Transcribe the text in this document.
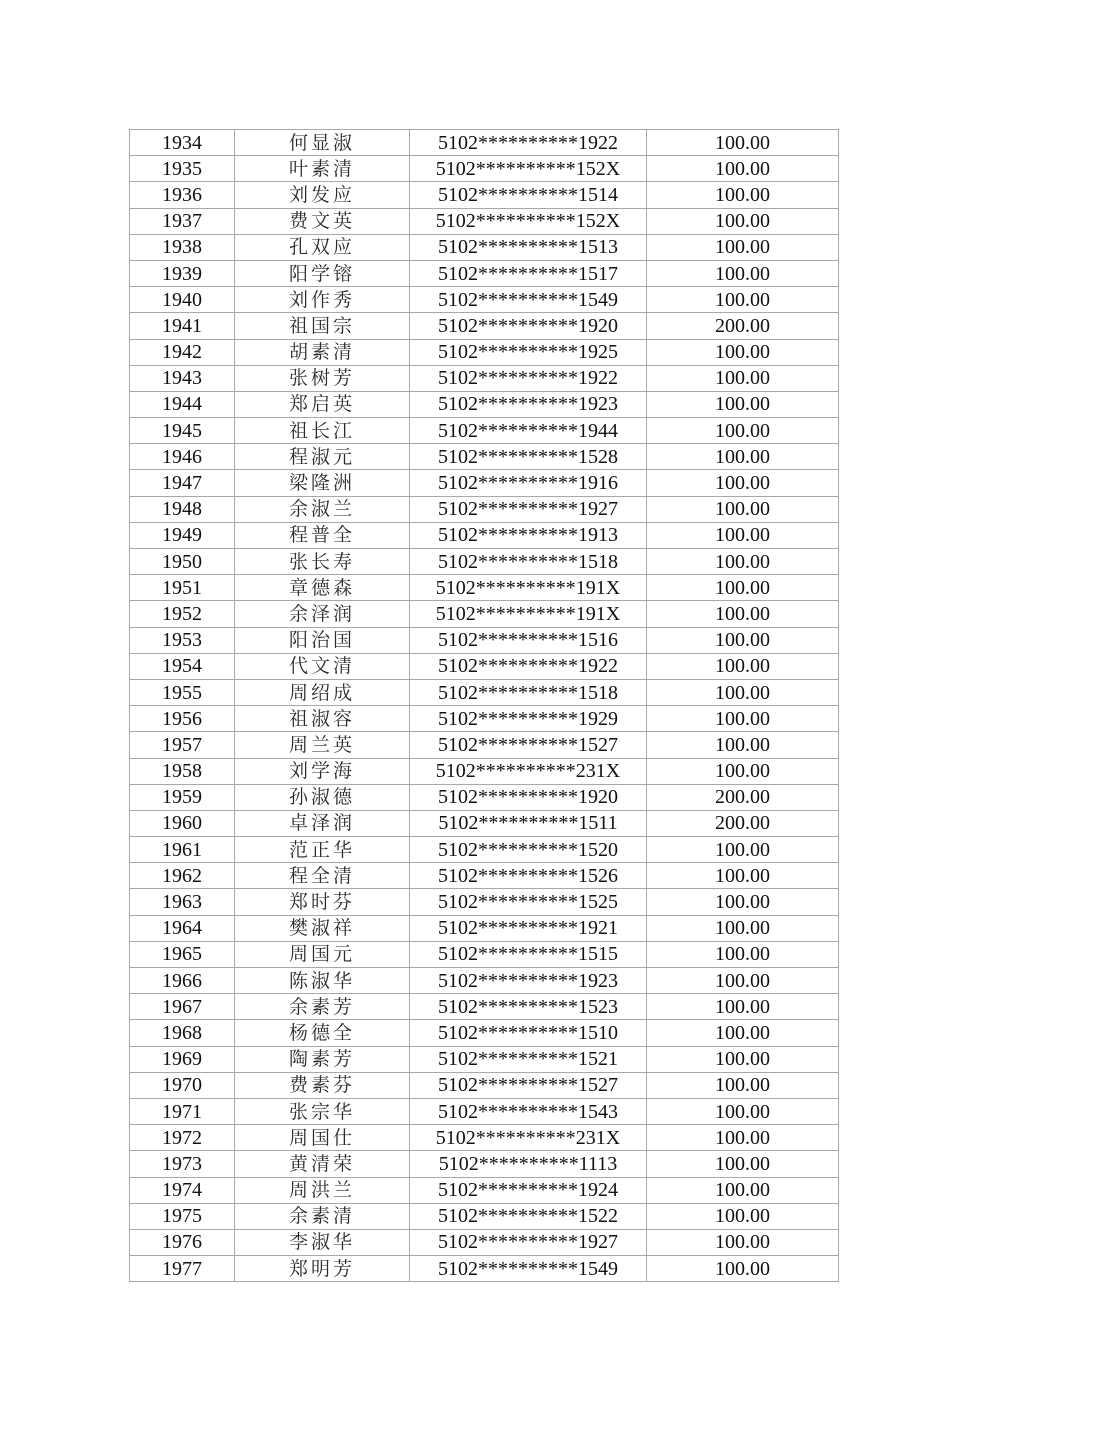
1934	何显淑	5102**********1922	100.00
1935	叶素清	5102**********152X	100.00
1936	刘发应	5102**********1514	100.00
1937	费文英	5102**********152X	100.00
1938	孔双应	5102**********1513	100.00
1939	阳学镕	5102**********1517	100.00
1940	刘作秀	5102**********1549	100.00
1941	祖国宗	5102**********1920	200.00
1942	胡素清	5102**********1925	100.00
1943	张树芳	5102**********1922	100.00
1944	郑启英	5102**********1923	100.00
1945	祖长江	5102**********1944	100.00
1946	程淑元	5102**********1528	100.00
1947	梁隆洲	5102**********1916	100.00
1948	余淑兰	5102**********1927	100.00
1949	程普全	5102**********1913	100.00
1950	张长寿	5102**********1518	100.00
1951	章德森	5102**********191X	100.00
1952	余泽润	5102**********191X	100.00
1953	阳治国	5102**********1516	100.00
1954	代文清	5102**********1922	100.00
1955	周绍成	5102**********1518	100.00
1956	祖淑容	5102**********1929	100.00
1957	周兰英	5102**********1527	100.00
1958	刘学海	5102**********231X	100.00
1959	孙淑德	5102**********1920	200.00
1960	卓泽润	5102**********1511	200.00
1961	范正华	5102**********1520	100.00
1962	程全清	5102**********1526	100.00
1963	郑时芬	5102**********1525	100.00
1964	樊淑祥	5102**********1921	100.00
1965	周国元	5102**********1515	100.00
1966	陈淑华	5102**********1923	100.00
1967	余素芳	5102**********1523	100.00
1968	杨德全	5102**********1510	100.00
1969	陶素芳	5102**********1521	100.00
1970	费素芬	5102**********1527	100.00
1971	张宗华	5102**********1543	100.00
1972	周国仕	5102**********231X	100.00
1973	黄清荣	5102**********1113	100.00
1974	周洪兰	5102**********1924	100.00
1975	余素清	5102**********1522	100.00
1976	李淑华	5102**********1927	100.00
1977	郑明芳	5102**********1549	100.00
